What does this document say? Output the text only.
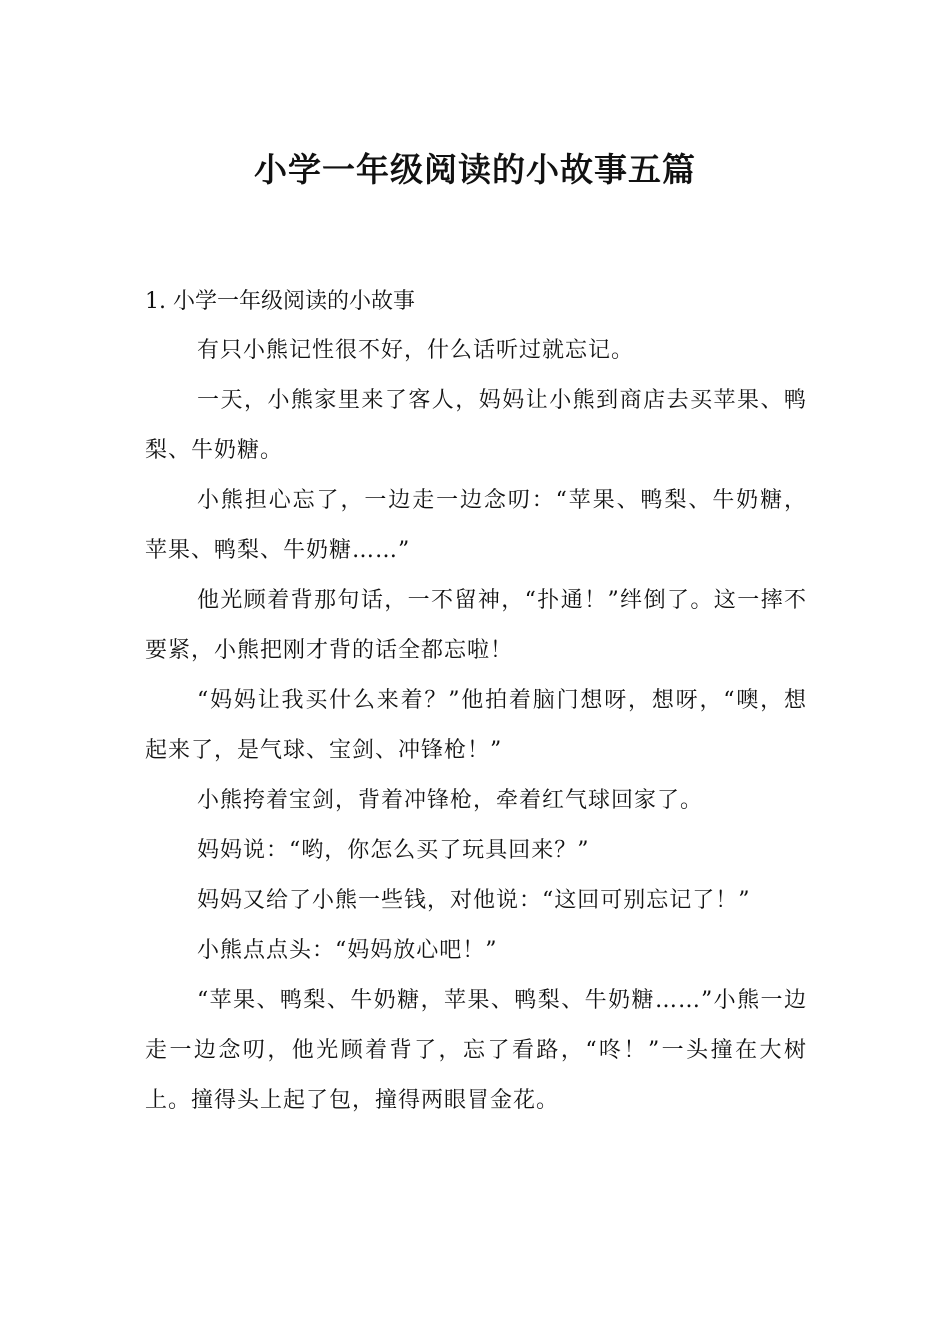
小学一年级阅读的小故事五篇

1. 小学一年级阅读的小故事

有只小熊记性很不好，什么话听过就忘记。

一天，小熊家里来了客人，妈妈让小熊到商店去买苹果、鸭梨、牛奶糖。

小熊担心忘了，一边走一边念叨：“苹果、鸭梨、牛奶糖，苹果、鸭梨、牛奶糖……”

他光顾着背那句话，一不留神，“扑通！”绊倒了。这一摔不要紧，小熊把刚才背的话全都忘啦！

“妈妈让我买什么来着？”他拍着脑门想呀，想呀，“噢，想起来了，是气球、宝剑、冲锋枪！”

小熊挎着宝剑，背着冲锋枪，牵着红气球回家了。

妈妈说：“哟，你怎么买了玩具回来？”

妈妈又给了小熊一些钱，对他说：“这回可别忘记了！”

小熊点点头：“妈妈放心吧！”

“苹果、鸭梨、牛奶糖，苹果、鸭梨、牛奶糖……”小熊一边走一边念叨，他光顾着背了，忘了看路，“咚！”一头撞在大树上。撞得头上起了包，撞得两眼冒金花。
